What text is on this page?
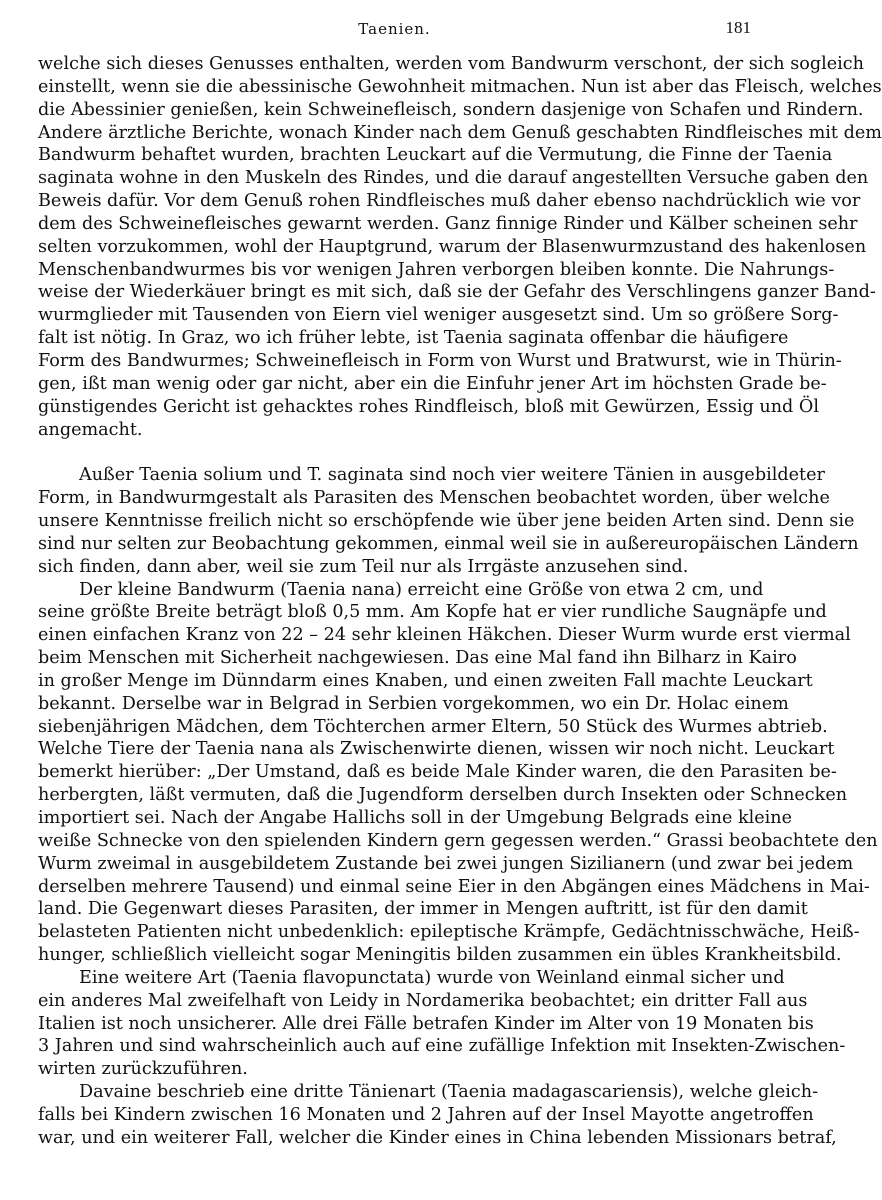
Taenien.	181
welche sich dieses Genusses enthalten, werden vom Bandwurm verschont, der sich sogleich
einstellt, wenn sie die abessinische Gewohnheit mitmachen. Nun ist aber das Fleisch, welches
die Abessinier genießen, kein Schweinefleisch, sondern dasjenige von Schafen und Rindern.
Andere ärztliche Berichte, wonach Kinder nach dem Genuß geschabten Rindfleisches mit dem
Bandwurm behaftet wurden, brachten Leuckart auf die Vermutung, die Finne der Taenia
saginata wohne in den Muskeln des Rindes, und die darauf angestellten Versuche gaben den
Beweis dafür. Vor dem Genuß rohen Rindfleisches muß daher ebenso nachdrücklich wie vor
dem des Schweinefleisches gewarnt werden. Ganz finnige Rinder und Kälber scheinen sehr
selten vorzukommen, wohl der Hauptgrund, warum der Blasenwurmzustand des hakenlosen
Menschenbandwurmes bis vor wenigen Jahren verborgen bleiben konnte. Die Nahrungs-
weise der Wiederkäuer bringt es mit sich, daß sie der Gefahr des Verschlingens ganzer Band-
wurmglieder mit Tausenden von Eiern viel weniger ausgesetzt sind. Um so größere Sorg-
falt ist nötig. In Graz, wo ich früher lebte, ist Taenia saginata offenbar die häufigere
Form des Bandwurmes; Schweinefleisch in Form von Wurst und Bratwurst, wie in Thürin-
gen, ißt man wenig oder gar nicht, aber ein die Einfuhr jener Art im höchsten Grade be-
günstigendes Gericht ist gehacktes rohes Rindfleisch, bloß mit Gewürzen, Essig und Öl
angemacht.
Außer Taenia solium und T. saginata sind noch vier weitere Tänien in ausgebildeter
Form, in Bandwurmgestalt als Parasiten des Menschen beobachtet worden, über welche
unsere Kenntnisse freilich nicht so erschöpfende wie über jene beiden Arten sind. Denn sie
sind nur selten zur Beobachtung gekommen, einmal weil sie in außereuropäischen Ländern
sich finden, dann aber, weil sie zum Teil nur als Irrgäste anzusehen sind.
Der kleine Bandwurm (Taenia nana) erreicht eine Größe von etwa 2 cm, und
seine größte Breite beträgt bloß 0,5 mm. Am Kopfe hat er vier rundliche Saugnäpfe und
einen einfachen Kranz von 22 – 24 sehr kleinen Häkchen. Dieser Wurm wurde erst viermal
beim Menschen mit Sicherheit nachgewiesen. Das eine Mal fand ihn Bilharz in Kairo
in großer Menge im Dünndarm eines Knaben, und einen zweiten Fall machte Leuckart
bekannt. Derselbe war in Belgrad in Serbien vorgekommen, wo ein Dr. Holac einem
siebenjährigen Mädchen, dem Töchterchen armer Eltern, 50 Stück des Wurmes abtrieb.
Welche Tiere der Taenia nana als Zwischenwirte dienen, wissen wir noch nicht. Leuckart
bemerkt hierüber: „Der Umstand, daß es beide Male Kinder waren, die den Parasiten be-
herbergten, läßt vermuten, daß die Jugendform derselben durch Insekten oder Schnecken
importiert sei. Nach der Angabe Hallichs soll in der Umgebung Belgrads eine kleine
weiße Schnecke von den spielenden Kindern gern gegessen werden.“ Grassi beobachtete den
Wurm zweimal in ausgebildetem Zustande bei zwei jungen Sizilianern (und zwar bei jedem
derselben mehrere Tausend) und einmal seine Eier in den Abgängen eines Mädchens in Mai-
land. Die Gegenwart dieses Parasiten, der immer in Mengen auftritt, ist für den damit
belasteten Patienten nicht unbedenklich: epileptische Krämpfe, Gedächtnisschwäche, Heiß-
hunger, schließlich vielleicht sogar Meningitis bilden zusammen ein übles Krankheitsbild.
Eine weitere Art (Taenia flavopunctata) wurde von Weinland einmal sicher und
ein anderes Mal zweifelhaft von Leidy in Nordamerika beobachtet; ein dritter Fall aus
Italien ist noch unsicherer. Alle drei Fälle betrafen Kinder im Alter von 19 Monaten bis
3 Jahren und sind wahrscheinlich auch auf eine zufällige Infektion mit Insekten-Zwischen-
wirten zurückzuführen.
Davaine beschrieb eine dritte Tänienart (Taenia madagascariensis), welche gleich-
falls bei Kindern zwischen 16 Monaten und 2 Jahren auf der Insel Mayotte angetroffen
war, und ein weiterer Fall, welcher die Kinder eines in China lebenden Missionars betraf,
